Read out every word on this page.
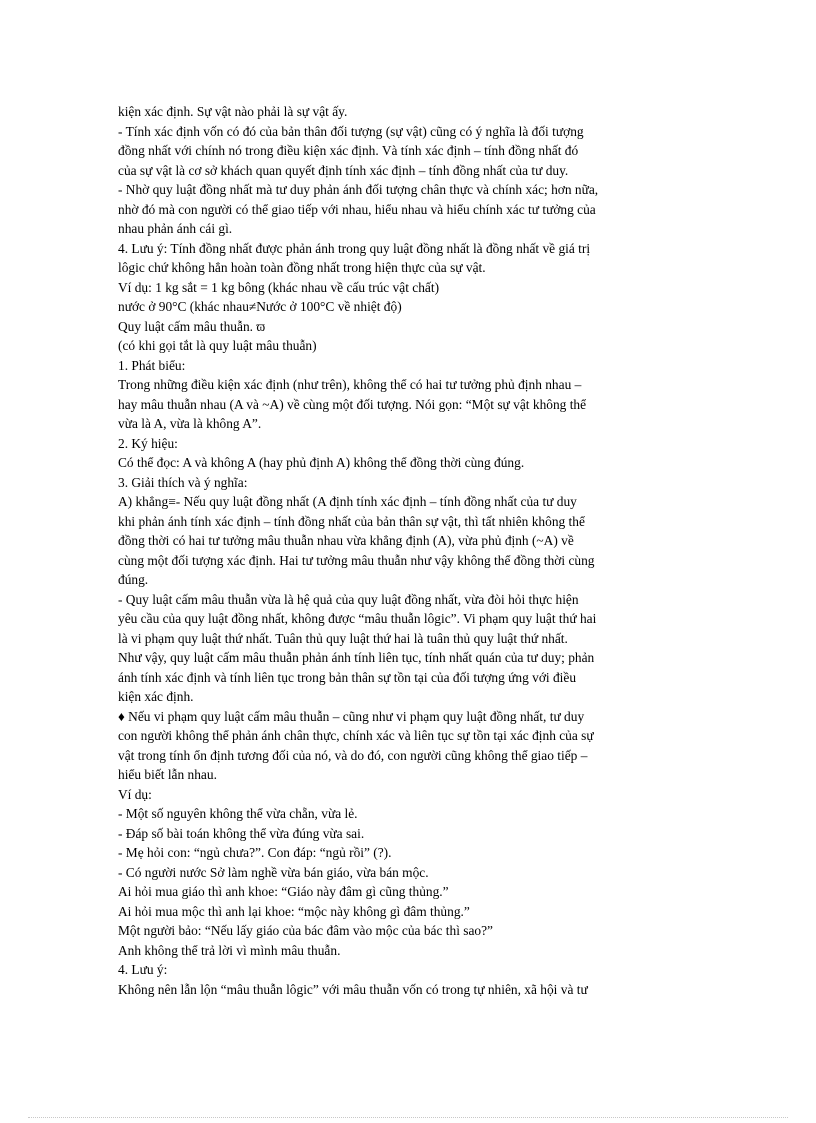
kiện xác định. Sự vật nào phải là sự vật ấy.

- Tính xác định vốn có đó của bản thân đối tượng (sự vật) cũng có ý nghĩa là đối tượng

đồng nhất với chính nó trong điều kiện xác định. Và tính xác định – tính đồng nhất đó

của sự vật là cơ sở khách quan quyết định tính xác định – tính đồng nhất của tư duy.

- Nhờ quy luật đồng nhất mà tư duy phản ánh đối tượng chân thực và chính xác; hơn nữa,

nhờ đó mà con người có thể giao tiếp với nhau, hiểu nhau và hiểu chính xác tư tưởng của

nhau phản ánh cái gì.

4. Lưu ý: Tính đồng nhất được phản ánh trong quy luật đồng nhất là đồng nhất về giá trị

lôgic chứ không hẳn hoàn toàn đồng nhất trong hiện thực của sự vật.

Ví dụ: 1 kg sắt = 1 kg bông (khác nhau về cấu trúc vật chất)

nước ở 90°C (khác nhau≠Nước ở 100°C về nhiệt độ)

Quy luật cấm mâu thuẫn. ϖ

(có khi gọi tắt là quy luật mâu thuẫn)

1. Phát biểu:

Trong những điều kiện xác định (như trên), không thể có hai tư tưởng phủ định nhau –

hay mâu thuẫn nhau (A và ~A) về cùng một đối tượng. Nói gọn: “Một sự vật không thể

vừa là A, vừa là không A”.

2. Ký hiệu:

Có thể đọc: A và không A (hay phủ định A) không thể đồng thời cùng đúng.

3. Giải thích và ý nghĩa:

A) khẳng≡- Nếu quy luật đồng nhất (A định tính xác định – tính đồng nhất của tư duy

khi phản ánh tính xác định – tính đồng nhất của bản thân sự vật, thì tất nhiên không thể

đồng thời có hai tư tưởng mâu thuẫn nhau vừa khẳng định (A), vừa phủ định (~A) về

cùng một đối tượng xác định. Hai tư tưởng mâu thuẫn như vậy không thể đồng thời cùng

đúng.

- Quy luật cấm mâu thuẫn vừa là hệ quả của quy luật đồng nhất, vừa đòi hỏi thực hiện

yêu cầu của quy luật đồng nhất, không được “mâu thuẫn lôgic”. Vi phạm quy luật thứ hai

là vi phạm quy luật thứ nhất. Tuân thủ quy luật thứ hai là tuân thủ quy luật thứ nhất.

Như vậy, quy luật cấm mâu thuẫn phản ánh tính liên tục, tính nhất quán của tư duy; phản

ánh tính xác định và tính liên tục trong bản thân sự tồn tại của đối tượng ứng với điều

kiện xác định.

♦ Nếu vi phạm quy luật cấm mâu thuẫn – cũng như vi phạm quy luật đồng nhất, tư duy

con người không thể phản ánh chân thực, chính xác và liên tục sự tồn tại xác định của sự

vật trong tính ổn định tương đối của nó, và do đó, con người cũng không thể giao tiếp –

hiểu biết lẫn nhau.

Ví dụ:

- Một số nguyên không thể vừa chẵn, vừa lẻ.

- Đáp số bài toán không thể vừa đúng vừa sai.

- Mẹ hỏi con: “ngủ chưa?”. Con đáp: “ngủ rồi” (?).

- Có người nước Sở làm nghề vừa bán giáo, vừa bán mộc.

Ai hỏi mua giáo thì anh khoe: “Giáo này đâm gì cũng thủng.”

Ai hỏi mua mộc thì anh lại khoe: “mộc này không gì đâm thủng.”

Một người bảo: “Nếu lấy giáo của bác đâm vào mộc của bác thì sao?”

Anh không thể trả lời vì mình mâu thuẫn.

4. Lưu ý:

Không nên lẫn lộn “mâu thuẫn lôgic” với mâu thuẫn vốn có trong tự nhiên, xã hội và tư
